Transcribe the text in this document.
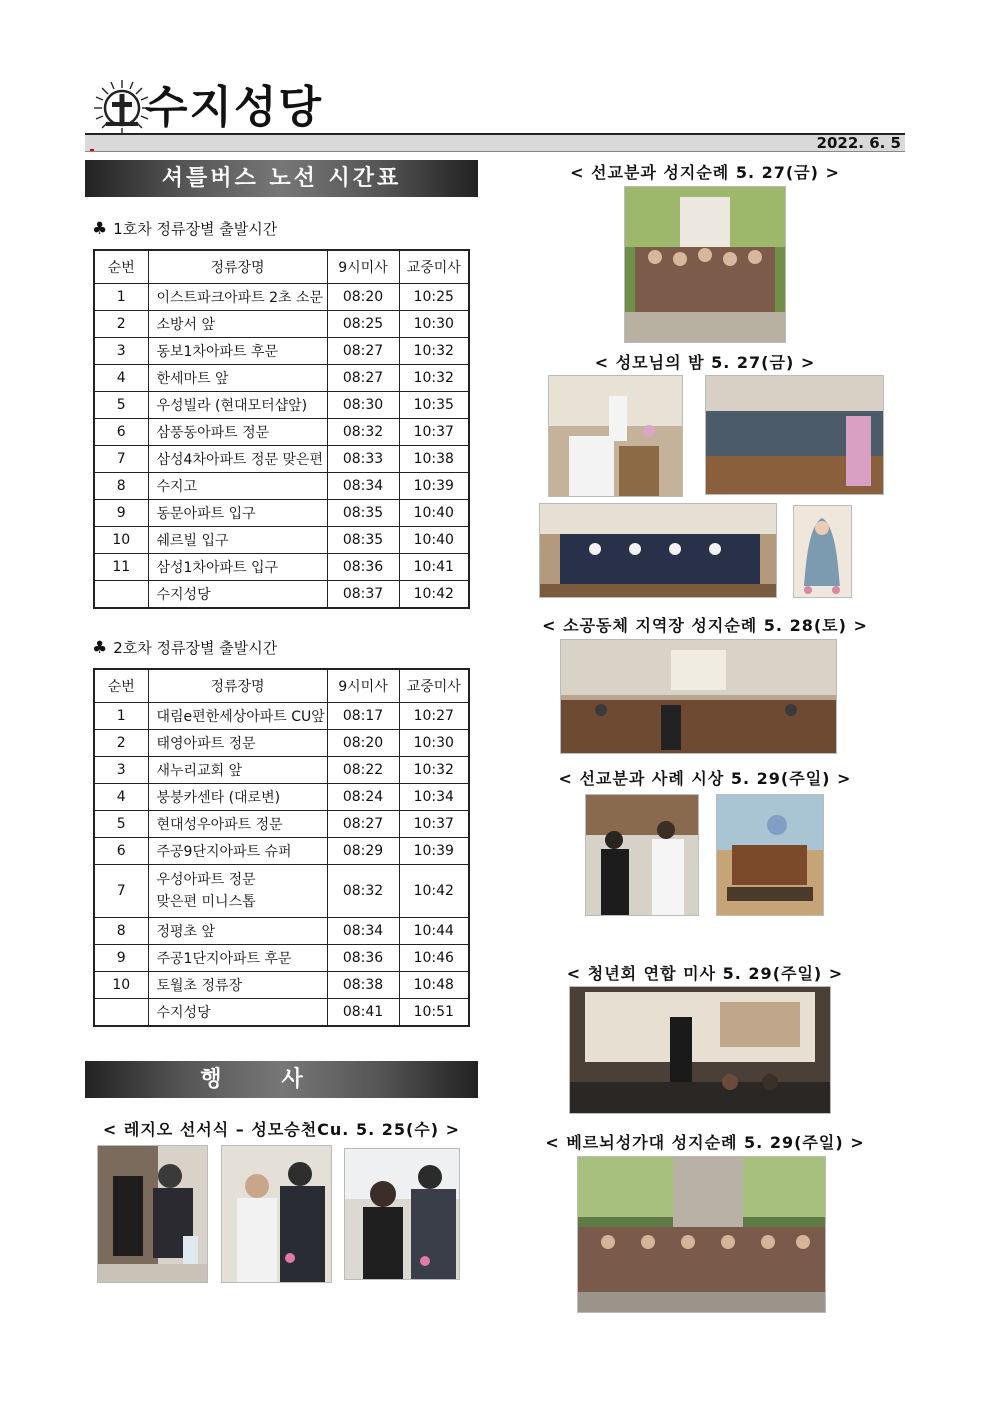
수지성당
2022. 6. 5
셔틀버스 노선 시간표
♣ 1호차 정류장별 출발시간
순번	정류장명	9시미사	교중미사
1	이스트파크아파트 2초 소문	08:20	10:25
2	소방서 앞	08:25	10:30
3	동보1차아파트 후문	08:27	10:32
4	한세마트 앞	08:27	10:32
5	우성빌라 (현대모터샵앞)	08:30	10:35
6	삼풍동아파트 정문	08:32	10:37
7	삼성4차아파트 정문 맞은편	08:33	10:38
8	수지고	08:34	10:39
9	동문아파트 입구	08:35	10:40
10	쉐르빌 입구	08:35	10:40
11	삼성1차아파트 입구	08:36	10:41
	수지성당	08:37	10:42
♣ 2호차 정류장별 출발시간
순번	정류장명	9시미사	교중미사
1	대림e편한세상아파트 CU앞	08:17	10:27
2	태영아파트 정문	08:20	10:30
3	새누리교회 앞	08:22	10:32
4	붕붕카센타 (대로변)	08:24	10:34
5	현대성우아파트 정문	08:27	10:37
6	주공9단지아파트 슈퍼	08:29	10:39
7	우성아파트 정문
맞은편 미니스톱	08:32	10:42
8	정평초 앞	08:34	10:44
9	주공1단지아파트 후문	08:36	10:46
10	토월초 정류장	08:38	10:48
	수지성당	08:41	10:51
행사
< 레지오 선서식 – 성모승천Cu. 5. 25(수) >
< 선교분과 성지순례 5. 27(금) >
< 성모님의 밤 5. 27(금) >
< 소공동체 지역장 성지순례 5. 28(토) >
< 선교분과 사례 시상 5. 29(주일) >
< 청년회 연합 미사 5. 29(주일) >
< 베르뇌성가대 성지순례 5. 29(주일) >
